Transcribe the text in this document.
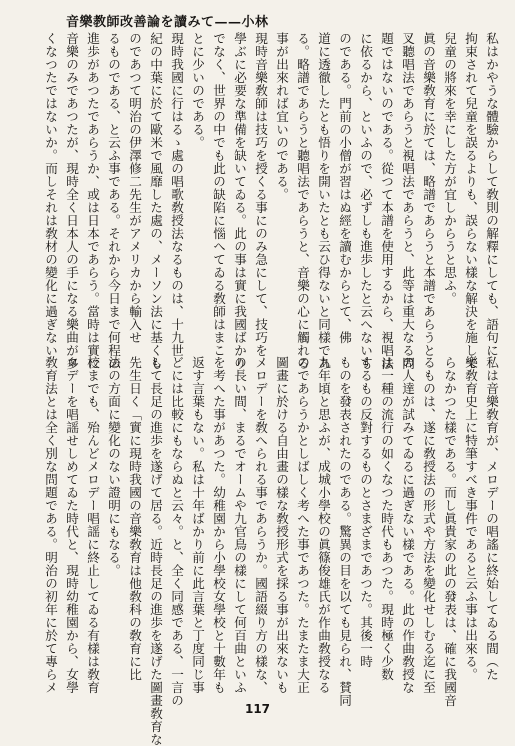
音樂教師改善論を讀みて——小林
私はかやうな體驗からして敎則の解釋にしても、語句に
拘束されて兒童を誤るよりも、誤らない樣な解決を施して
兒童の將來を幸にした方が宜しからうと思ふ。
眞の音樂敎育に於ては、略譜であらうと本譜であらうと
叉聽唱法であらうと視唱法であらうと、此等は重大なる問
題ではないのである。從つて本譜を使用するから、視唱法
に依るから、といふので、必ずしも進歩したと云へないも
のである。門前の小僧が習はぬ經を讀むからとて、佛
道に透徹したとも悟りを開いたとも云ひ得ないと同樣であ
る。略譜であらうと聽唱法であらうと、音樂の心に觸れる
事が出來れば宜いのである。
現時音樂敎師は技巧を授くる事にのみ急にして、技巧を
學ぶに必要な準備を缺いてゐる。此の事は實に我國ばかり
でなく、世界の中でも此の缺陷に惱へてゐる敎師はまこ
とに少いのである。
現時我國に行はるゝ處の唱歌敎授法なるものは、十九世
紀の中葉に於て歐米で風靡した處の、メーソン法に基くも
のであつて明治の伊澤修二先生がアメリカから輸入せ
るものである、と云ふ事である。それから今日まで何程の
進歩があつたであらうか、或は日本であらう。當時は實に
音樂のみであつたが、現時全く日本人の手になる樂曲が多
くなつたではないか。而しそれは敎材の變化に過ぎない
私は音樂敎育が、メロデーの唱謠に終始してゐる間（た
樂敎育史上に特筆すべき事件であると云ふ事は出來る。
らなかつた樣である。而し眞貴家の此の發表は、確に我國音
るものは、遂に敎授法の形式や方法を變化せしむる迄に至
の人達が試みてゐるに過ぎない樣である。此の作曲敎授な
は一種の流行の如くなつた時代もあつた。現時極く少数
するもの反對するものとさまざまであつた。其後一時
ものを發表されたのである。驚異の目を以ても見られ、賛同
九年頃と思ふが、成城小學校の眞篠俊雄氏が作曲敎授なる
のであらうかとしばしく考へた事であつた。たまたま大正
圖畫に於ける自由畫の樣な敎授形式を採る事が出來ないも
メロデーを敎へられる事であらうか。國語綴り方の樣な、
の長い間、まるでオームや九官鳥の樣にして何百曲といふ
を考へた事があつた。幼稚園から小學校女學校と十數年も
返す言葉もない。私は十年ばかり前に此言葉と丁度同じ事
どには比較にもならぬと云々。と、全く同感である、一言の
して長足の進歩を遂げて居る。近時長足の進歩を遂げた圖畫敎育な
先生日く「實に現時我國の音樂敎育は他敎科の敎育に比
法の方面に變化のない證明にもなる。
校までも、殆んどメロデー唱謡に終止してゐる有樣は敎育
ロデーを唱謡せしめてゐた時代と、現時幼稚園から、女學
敎育法とは全く別な問題である。明治の初年に於て專らメ
117
